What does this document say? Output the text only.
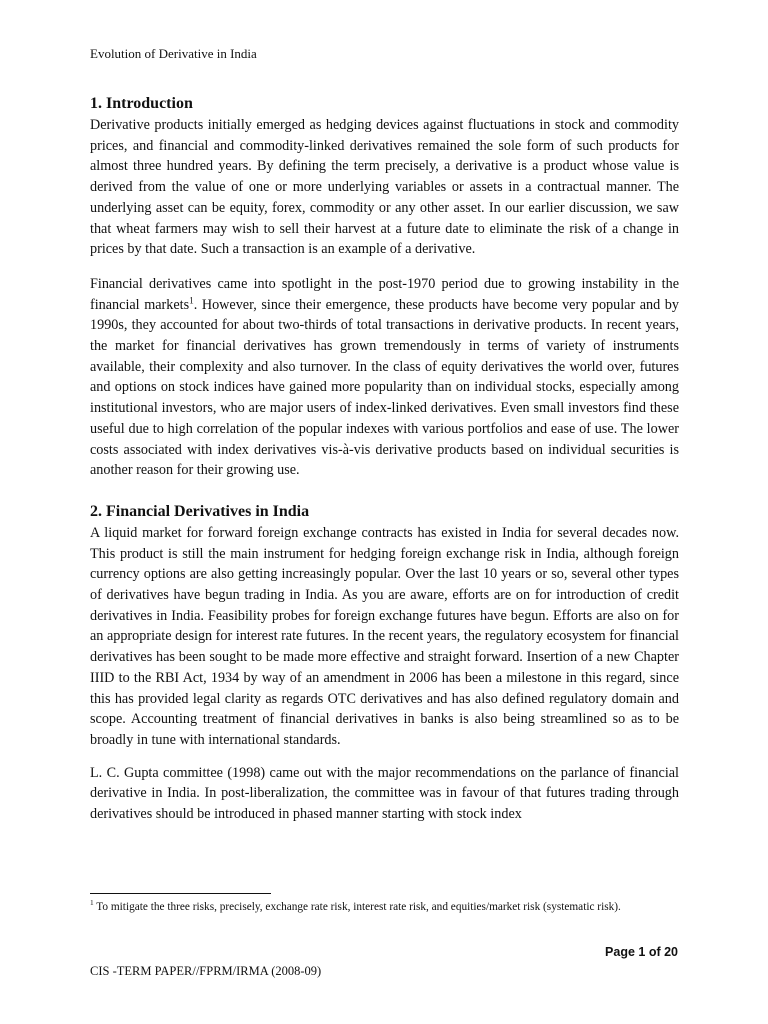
Evolution of Derivative in India
1. Introduction

Derivative products initially emerged as hedging devices against fluctuations in stock and commodity prices, and financial and commodity-linked derivatives remained the sole form of such products for almost three hundred years. By defining the term precisely, a derivative is a product whose value is derived from the value of one or more underlying variables or assets in a contractual manner. The underlying asset can be equity, forex, commodity or any other asset. In our earlier discussion, we saw that wheat farmers may wish to sell their harvest at a future date to eliminate the risk of a change in prices by that date. Such a transaction is an example of a derivative.

Financial derivatives came into spotlight in the post-1970 period due to growing instability in the financial markets$^1$. However, since their emergence, these products have become very popular and by 1990s, they accounted for about two-thirds of total transactions in derivative products. In recent years, the market for financial derivatives has grown tremendously in terms of variety of instruments available, their complexity and also turnover. In the class of equity derivatives the world over, futures and options on stock indices have gained more popularity than on individual stocks, especially among institutional investors, who are major users of index-linked derivatives. Even small investors find these useful due to high correlation of the popular indexes with various portfolios and ease of use. The lower costs associated with index derivatives vis-à-vis derivative products based on individual securities is another reason for their growing use.

2. Financial Derivatives in India

A liquid market for forward foreign exchange contracts has existed in India for several decades now. This product is still the main instrument for hedging foreign exchange risk in India, although foreign currency options are also getting increasingly popular. Over the last 10 years or so, several other types of derivatives have begun trading in India. As you are aware, efforts are on for introduction of credit derivatives in India. Feasibility probes for foreign exchange futures have begun. Efforts are also on for an appropriate design for interest rate futures. In the recent years, the regulatory ecosystem for financial derivatives has been sought to be made more effective and straight forward. Insertion of a new Chapter IIID to the RBI Act, 1934 by way of an amendment in 2006 has been a milestone in this regard, since this has provided legal clarity as regards OTC derivatives and has also defined regulatory domain and scope. Accounting treatment of financial derivatives in banks is also being streamlined so as to be broadly in tune with international standards.

L. C. Gupta committee (1998) came out with the major recommendations on the parlance of financial derivative in India. In post-liberalization, the committee was in favour of that futures trading through derivatives should be introduced in phased manner starting with stock index

$^1$ To mitigate the three risks, precisely, exchange rate risk, interest rate risk, and equities/market risk (systematic risk).
Page 1 of 20
CIS -TERM PAPER//FPRM/IRMA (2008-09)
